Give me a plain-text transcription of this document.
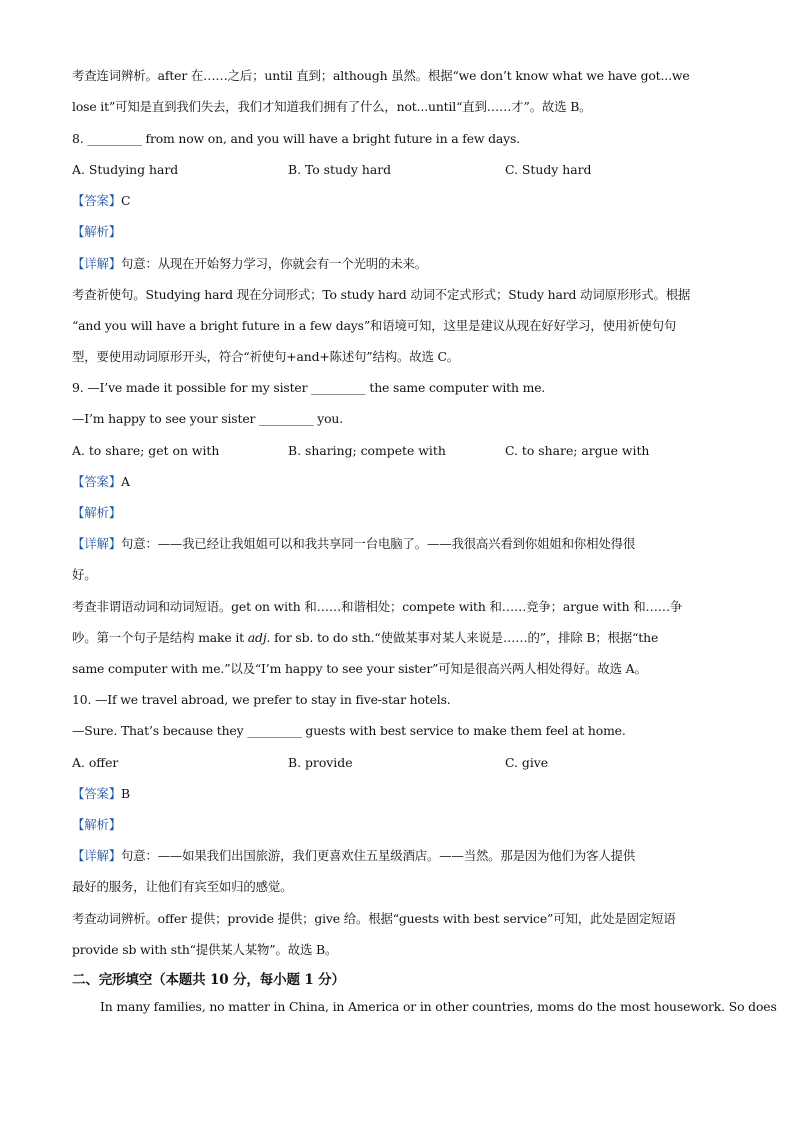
考查连词辨析。after 在……之后；until 直到；although 虽然。根据“we don’t know what we have got...we
lose it”可知是直到我们失去，我们才知道我们拥有了什么，not...until“直到……才”。故选 B。
8. _________ from now on, and you will have a bright future in a few days.
A. Studying hard	B. To study hard	C. Study hard
【答案】C
【解析】
【详解】句意：从现在开始努力学习，你就会有一个光明的未来。
考查祈使句。Studying hard 现在分词形式；To study hard 动词不定式形式；Study hard 动词原形形式。根据
“and you will have a bright future in a few days”和语境可知，这里是建议从现在好好学习，使用祈使句句
型，要使用动词原形开头，符合“祈使句+and+陈述句”结构。故选 C。
9. —I’ve made it possible for my sister _________ the same computer with me.
—I’m happy to see your sister _________ you.
A. to share; get on with	B. sharing; compete with	C. to share; argue with
【答案】A
【解析】
【详解】句意：——我已经让我姐姐可以和我共享同一台电脑了。——我很高兴看到你姐姐和你相处得很
好。
考查非谓语动词和动词短语。get on with 和……和谐相处；compete with 和……竞争；argue with 和……争
吵。第一个句子是结构 make it adj. for sb. to do sth.“使做某事对某人来说是……的”，排除 B；根据“the
same computer with me.”以及“I’m happy to see your sister”可知是很高兴两人相处得好。故选 A。
10. —If we travel abroad, we prefer to stay in five-star hotels.
—Sure. That’s because they _________ guests with best service to make them feel at home.
A. offer	B. provide	C. give
【答案】B
【解析】
【详解】句意：——如果我们出国旅游，我们更喜欢住五星级酒店。——当然。那是因为他们为客人提供
最好的服务，让他们有宾至如归的感觉。
考查动词辨析。offer 提供；provide 提供；give 给。根据“guests with best service”可知，此处是固定短语
provide sb with sth“提供某人某物”。故选 B。
二、完形填空（本题共 10 分，每小题 1 分）
In many families, no matter in China, in America or in other countries, moms do the most housework. So does
